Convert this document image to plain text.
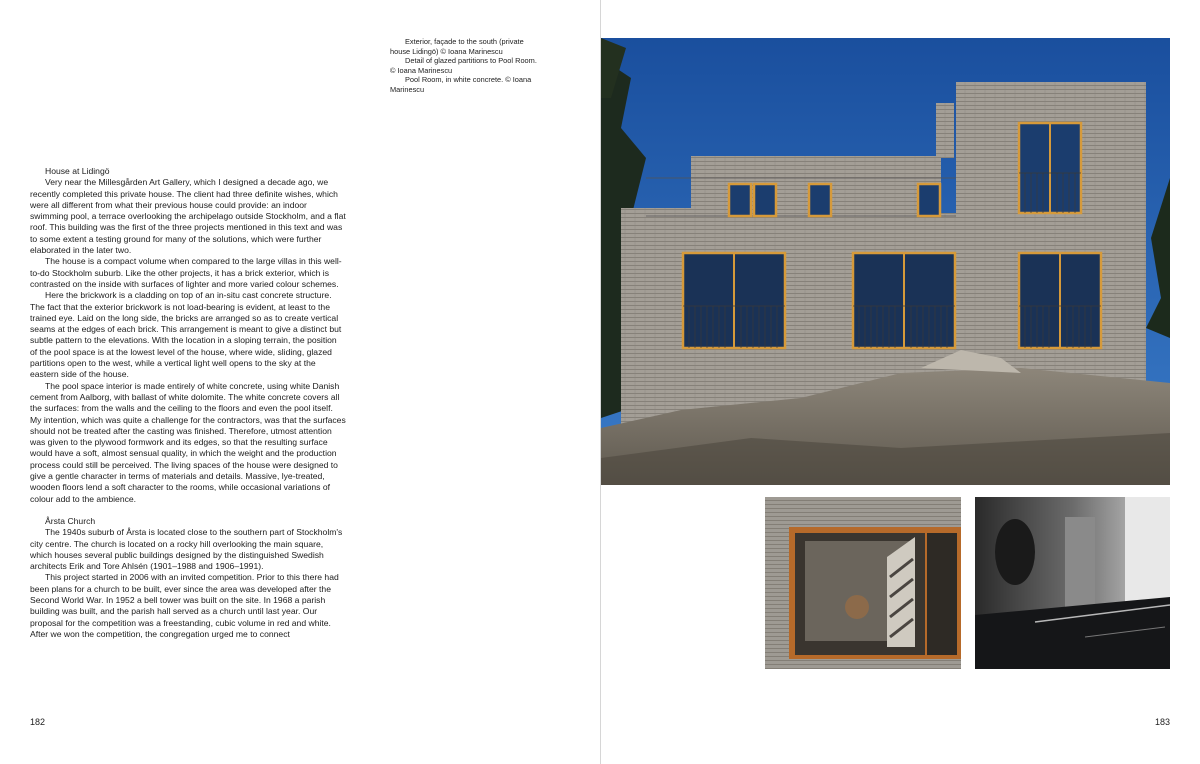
Exterior, façade to the south (private house Lidingö) © Ioana Marinescu

Detail of glazed partitions to Pool Room. © Ioana Marinescu

Pool Room, in white concrete. © Ioana Marinescu

House at Lidingö

Very near the Millesgården Art Gallery, which I designed a decade ago, we recently completed this private house. The client had three definite wishes, which were all different from what their previous house could provide: an indoor swimming pool, a terrace overlooking the archipelago outside Stockholm, and a flat roof. This building was the first of the three projects mentioned in this text and was to some extent a testing ground for many of the solutions, which were further elaborated in the later two.

The house is a compact volume when compared to the large villas in this well-to-do Stockholm suburb. Like the other projects, it has a brick exterior, which is contrasted on the inside with surfaces of lighter and more varied colour schemes.

Here the brickwork is a cladding on top of an in-situ cast concrete structure. The fact that the exterior brickwork is not load-bearing is evident, at least to the trained eye. Laid on the long side, the bricks are arranged so as to create vertical seams at the edges of each brick. This arrangement is meant to give a distinct but subtle pattern to the elevations. With the location in a sloping terrain, the position of the pool space is at the lowest level of the house, where wide, sliding, glazed partitions open to the west, while a vertical light well opens to the sky at the eastern side of the house.

The pool space interior is made entirely of white concrete, using white Danish cement from Aalborg, with ballast of white dolomite. The white concrete covers all the surfaces: from the walls and the ceiling to the floors and even the pool itself. My intention, which was quite a challenge for the contractors, was that the surfaces should not be treated after the casting was finished. Therefore, utmost attention was given to the plywood formwork and its edges, so that the resulting surface would have a soft, almost sensual quality, in which the weight and the production process could still be perceived. The living spaces of the house were designed to give a gentle character in terms of materials and details. Massive, lye-treated, wooden floors lend a soft character to the rooms, while occasional variations of colour add to the ambience.

Årsta Church

The 1940s suburb of Årsta is located close to the southern part of Stockholm's city centre. The church is located on a rocky hill overlooking the main square, which houses several public buildings designed by the distinguished Swedish architects Erik and Tore Ahlsén (1901–1988 and 1906–1991).

This project started in 2006 with an invited competition. Prior to this there had been plans for a church to be built, ever since the area was developed after the Second World War. In 1952 a bell tower was built on the site. In 1968 a parish building was built, and the parish hall served as a church until last year. Our proposal for the competition was a freestanding, cubic volume in red and white. After we won the competition, the congregation urged me to connect

182	183
